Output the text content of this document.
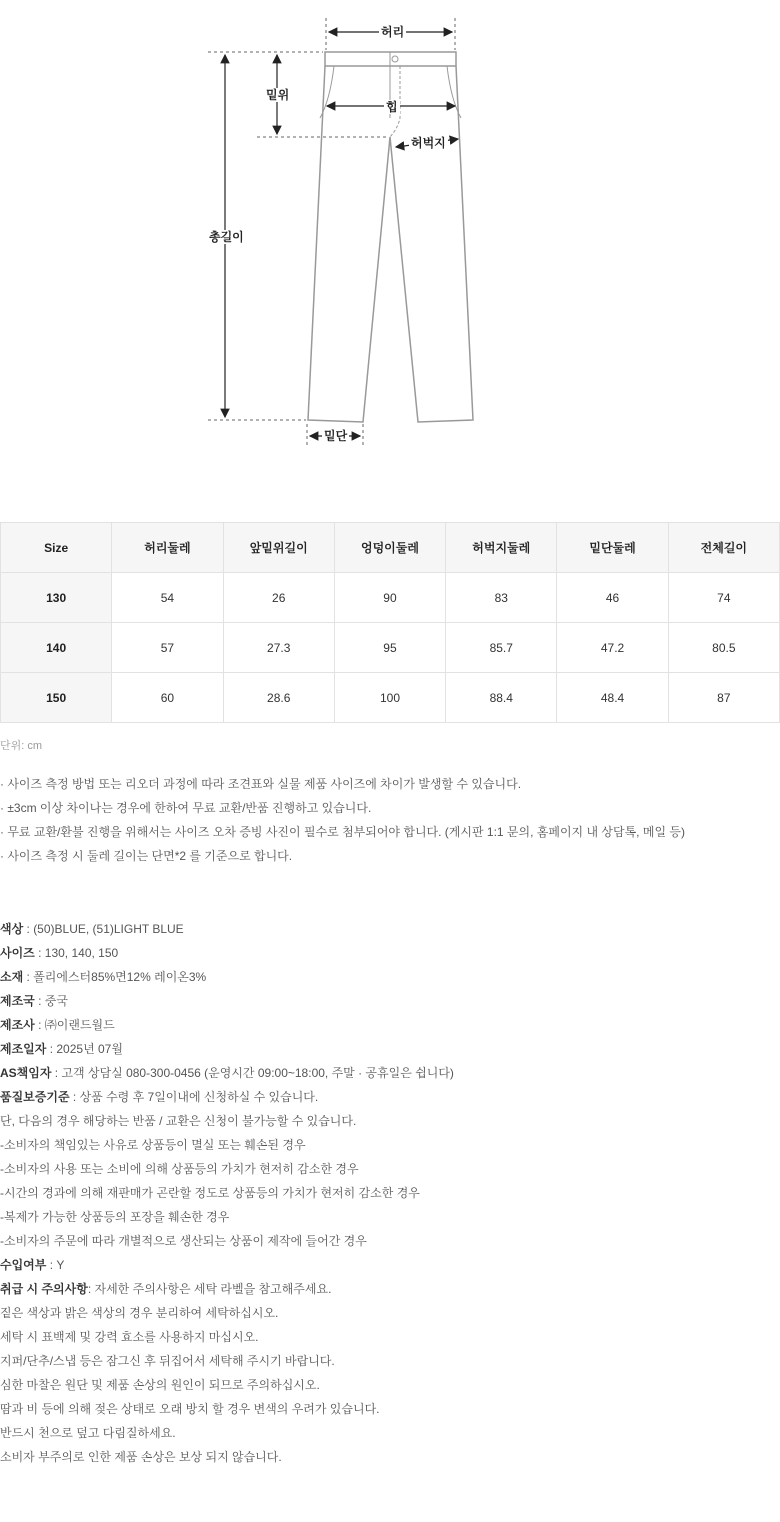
허리
밑위
힙
허벅지
총길이
밑단
Size	허리둘레	앞밑위길이	엉덩이둘레	허벅지둘레	밑단둘레	전체길이
130	54	26	90	83	46	74
140	57	27.3	95	85.7	47.2	80.5
150	60	28.6	100	88.4	48.4	87
단위: cm
· 사이즈 측정 방법 또는 리오더 과정에 따라 조견표와 실물 제품 사이즈에 차이가 발생할 수 있습니다.
· ±3cm 이상 차이나는 경우에 한하여 무료 교환/반품 진행하고 있습니다.
· 무료 교환/환불 진행을 위해서는 사이즈 오차 증빙 사진이 필수로 첨부되어야 합니다. (게시판 1:1 문의, 홈페이지 내 상담톡, 메일 등)
· 사이즈 측정 시 둘레 길이는 단면*2 를 기준으로 합니다.
색상 : (50)BLUE, (51)LIGHT BLUE
사이즈 : 130, 140, 150
소재 : 폴리에스터85%면12% 레이온3%
제조국 : 중국
제조사 : ㈜이랜드월드
제조일자 : 2025년 07월
AS책임자 : 고객 상담실 080-300-0456 (운영시간 09:00~18:00, 주말 · 공휴일은 쉽니다)
품질보증기준 : 상품 수령 후 7일이내에 신청하실 수 있습니다.
단, 다음의 경우 해당하는 반품 / 교환은 신청이 불가능할 수 있습니다.
-소비자의 책임있는 사유로 상품등이 멸실 또는 훼손된 경우
-소비자의 사용 또는 소비에 의해 상품등의 가치가 현저히 감소한 경우
-시간의 경과에 의해 재판매가 곤란할 정도로 상품등의 가치가 현저히 감소한 경우
-복제가 가능한 상품등의 포장을 훼손한 경우
-소비자의 주문에 따라 개별적으로 생산되는 상품이 제작에 들어간 경우
수입여부 : Y
취급 시 주의사항: 자세한 주의사항은 세탁 라벨을 참고해주세요.
짙은 색상과 밝은 색상의 경우 분리하여 세탁하십시오.
세탁 시 표백제 및 강력 효소를 사용하지 마십시오.
지퍼/단추/스냅 등은 잠그신 후 뒤집어서 세탁해 주시기 바랍니다.
심한 마찰은 원단 및 제품 손상의 원인이 되므로 주의하십시오.
땀과 비 등에 의해 젖은 상태로 오래 방치 할 경우 변색의 우려가 있습니다.
반드시 천으로 덮고 다림질하세요.
소비자 부주의로 인한 제품 손상은 보상 되지 않습니다.
